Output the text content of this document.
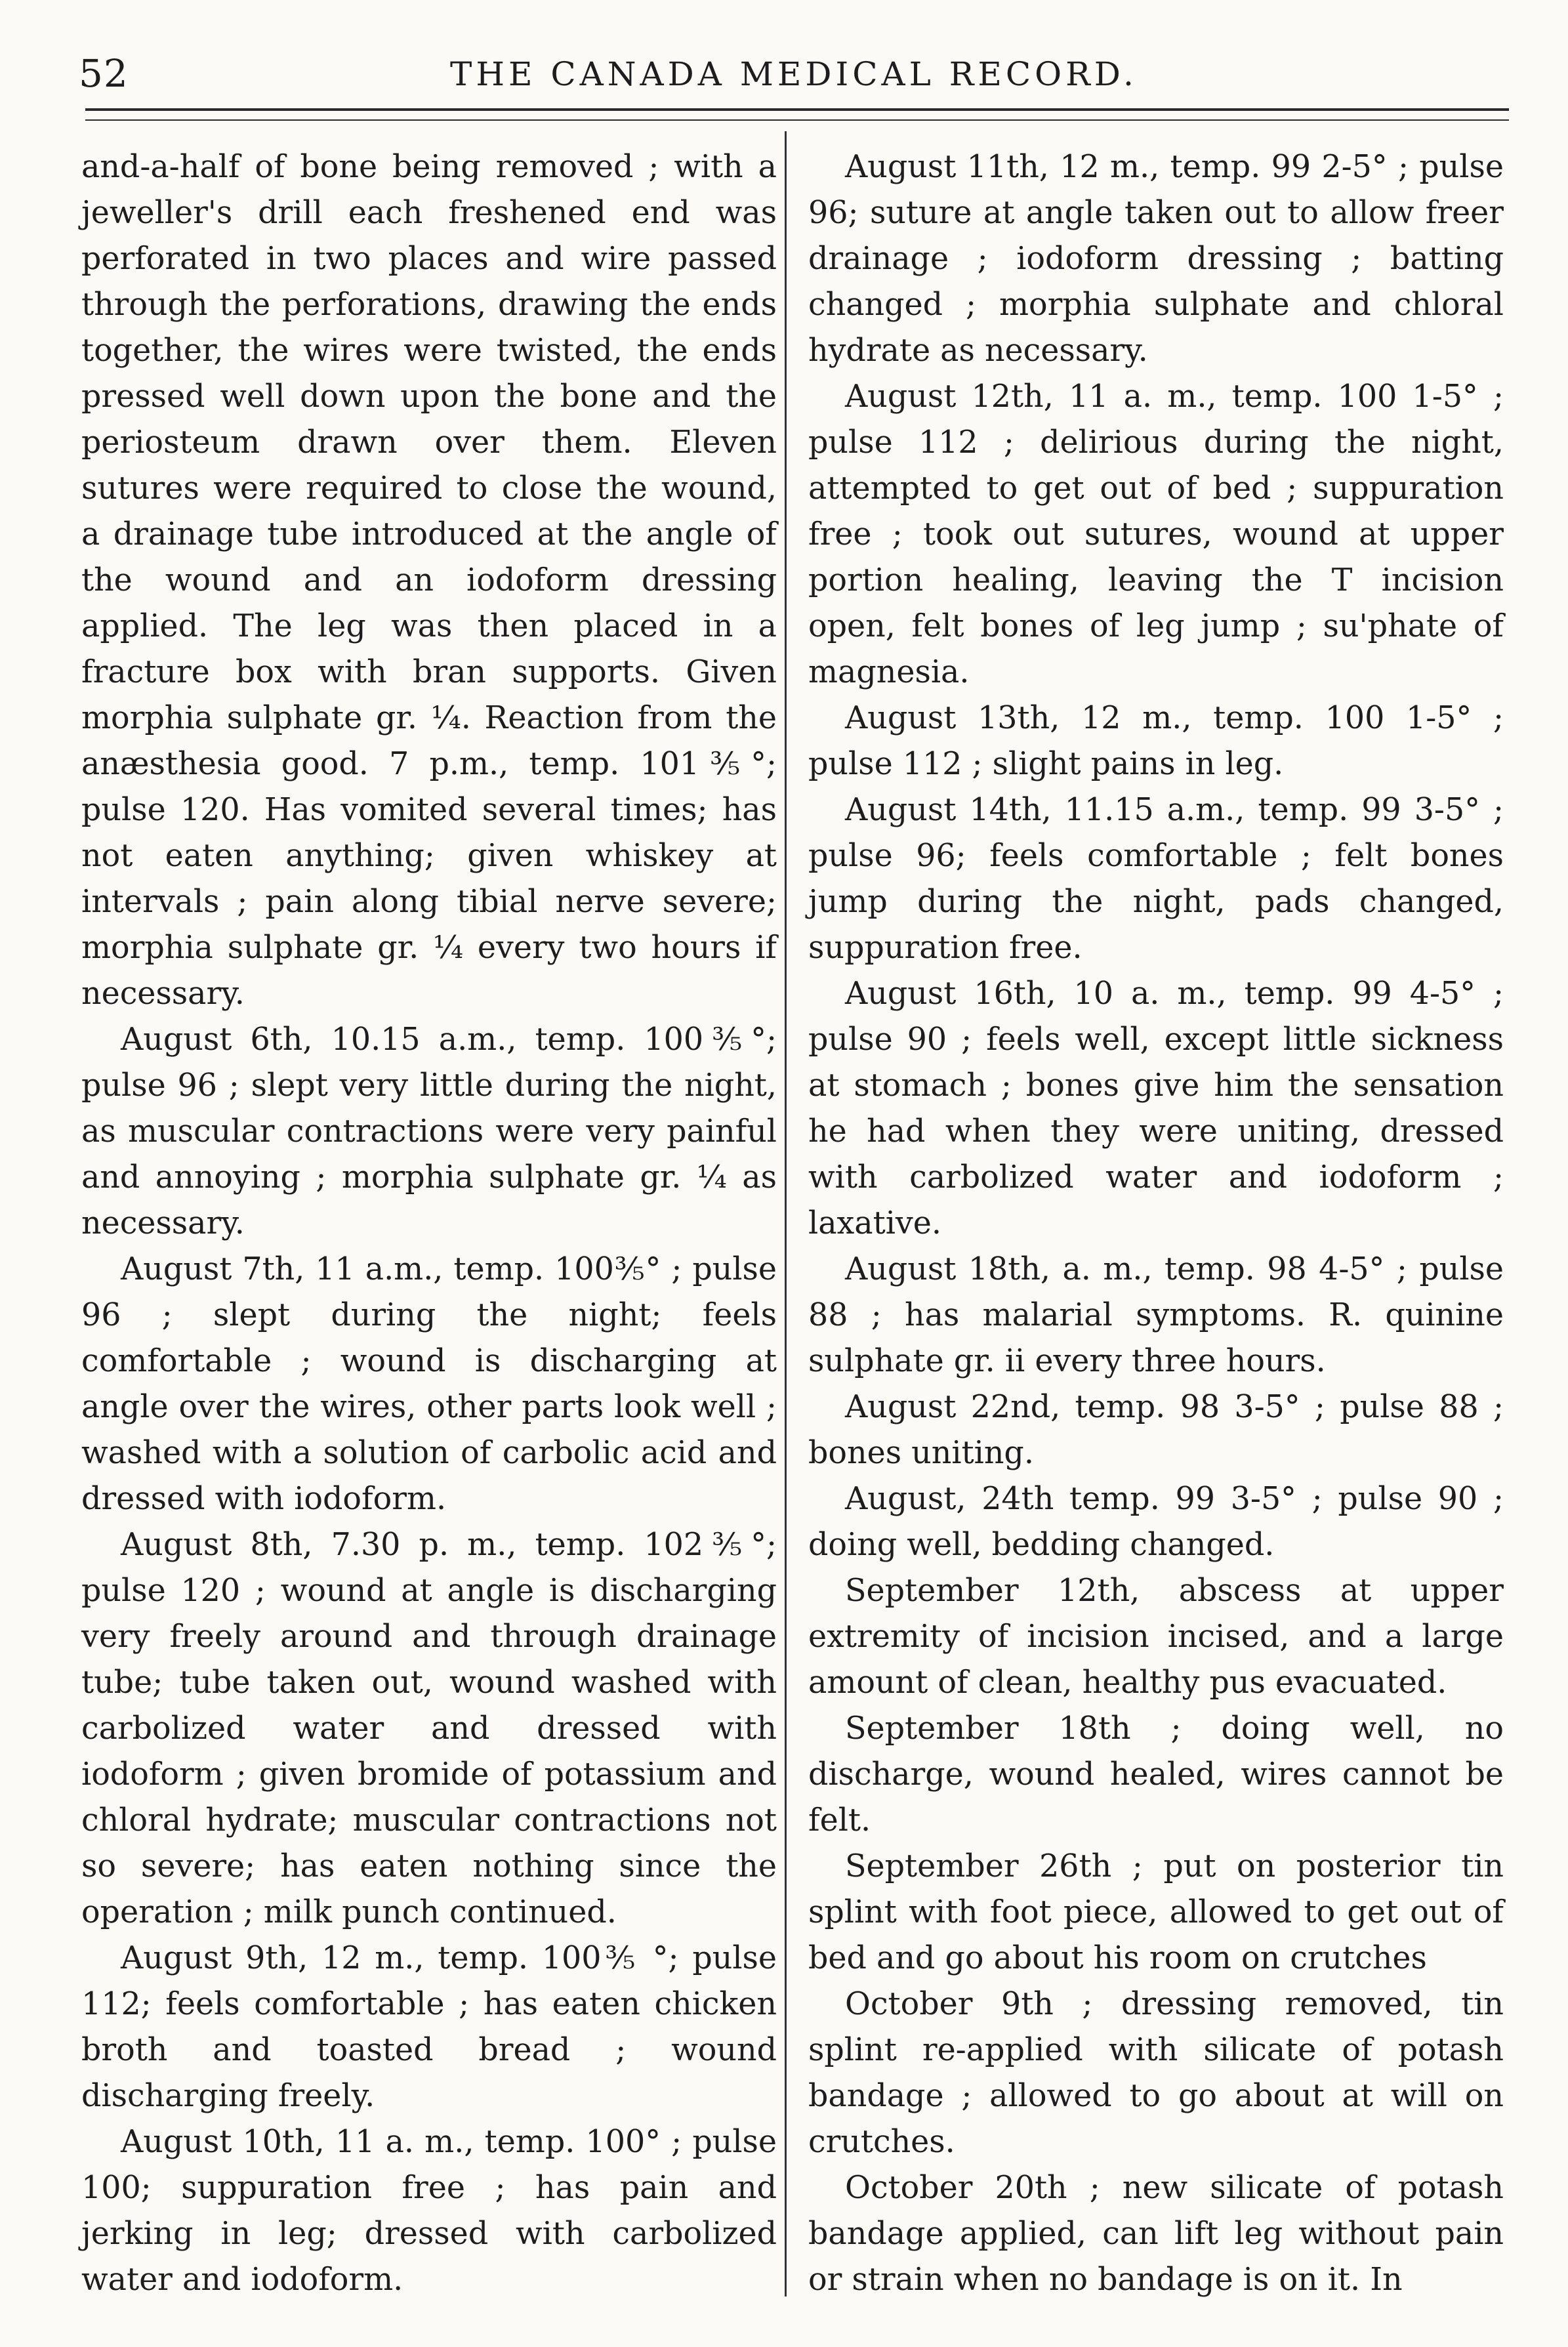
52	THE CANADA MEDICAL RECORD.

and-a-half of bone being removed ; with a jeweller's drill each freshened end was perforated in two places and wire passed through the perforations, drawing the ends together, the wires were twisted, the ends pressed well down upon the bone and the periosteum drawn over them. Eleven sutures were required to close the wound, a drainage tube introduced at the angle of the wound and an iodoform dressing applied. The leg was then placed in a fracture box with bran supports. Given morphia sulphate gr. ¼. Reaction from the anæsthesia good. 7 p.m., temp. 101⅗°; pulse 120. Has vomited several times; has not eaten anything; given whiskey at intervals ; pain along tibial nerve severe; morphia sulphate gr. ¼ every two hours if necessary.

August 6th, 10.15 a.m., temp. 100⅗°; pulse 96 ; slept very little during the night, as muscular contractions were very painful and annoying ; morphia sulphate gr. ¼ as necessary.

August 7th, 11 a.m., temp. 100⅗° ; pulse 96 ; slept during the night; feels comfortable ; wound is discharging at angle over the wires, other parts look well ; washed with a solution of carbolic acid and dressed with iodoform.

August 8th, 7.30 p. m., temp. 102⅗°; pulse 120 ; wound at angle is discharging very freely around and through drainage tube; tube taken out, wound washed with carbolized water and dressed with iodoform ; given bromide of potassium and chloral hydrate; muscular contractions not so severe; has eaten nothing since the operation ; milk punch continued.

August 9th, 12 m., temp. 100⅗ °; pulse 112; feels comfortable ; has eaten chicken broth and toasted bread ; wound discharging freely.

August 10th, 11 a. m., temp. 100° ; pulse 100; suppuration free ; has pain and jerking in leg; dressed with carbolized water and iodoform.

August 11th, 12 m., temp. 99 2-5° ; pulse 96; suture at angle taken out to allow freer drainage ; iodoform dressing ; batting changed ; morphia sulphate and chloral hydrate as necessary.

August 12th, 11 a. m., temp. 100 1-5° ; pulse 112 ; delirious during the night, attempted to get out of bed ; suppuration free ; took out sutures, wound at upper portion healing, leaving the T incision open, felt bones of leg jump ; su'phate of magnesia.

August 13th, 12 m., temp. 100 1-5° ; pulse 112 ; slight pains in leg.

August 14th, 11.15 a.m., temp. 99 3-5° ; pulse 96; feels comfortable ; felt bones jump during the night, pads changed, suppuration free.

August 16th, 10 a. m., temp. 99 4-5° ; pulse 90 ; feels well, except little sickness at stomach ; bones give him the sensation he had when they were uniting, dressed with carbolized water and iodoform ; laxative.

August 18th, a. m., temp. 98 4-5° ; pulse 88 ; has malarial symptoms. R. quinine sulphate gr. ii every three hours.

August 22nd, temp. 98 3-5° ; pulse 88 ; bones uniting.

August, 24th temp. 99 3-5° ; pulse 90 ; doing well, bedding changed.

September 12th, abscess at upper extremity of incision incised, and a large amount of clean, healthy pus evacuated.

September 18th ; doing well, no discharge, wound healed, wires cannot be felt.

September 26th ; put on posterior tin splint with foot piece, allowed to get out of bed and go about his room on crutches

October 9th ; dressing removed, tin splint re-applied with silicate of potash bandage ; allowed to go about at will on crutches.

October 20th ; new silicate of potash bandage applied, can lift leg without pain or strain when no bandage is on it. In
